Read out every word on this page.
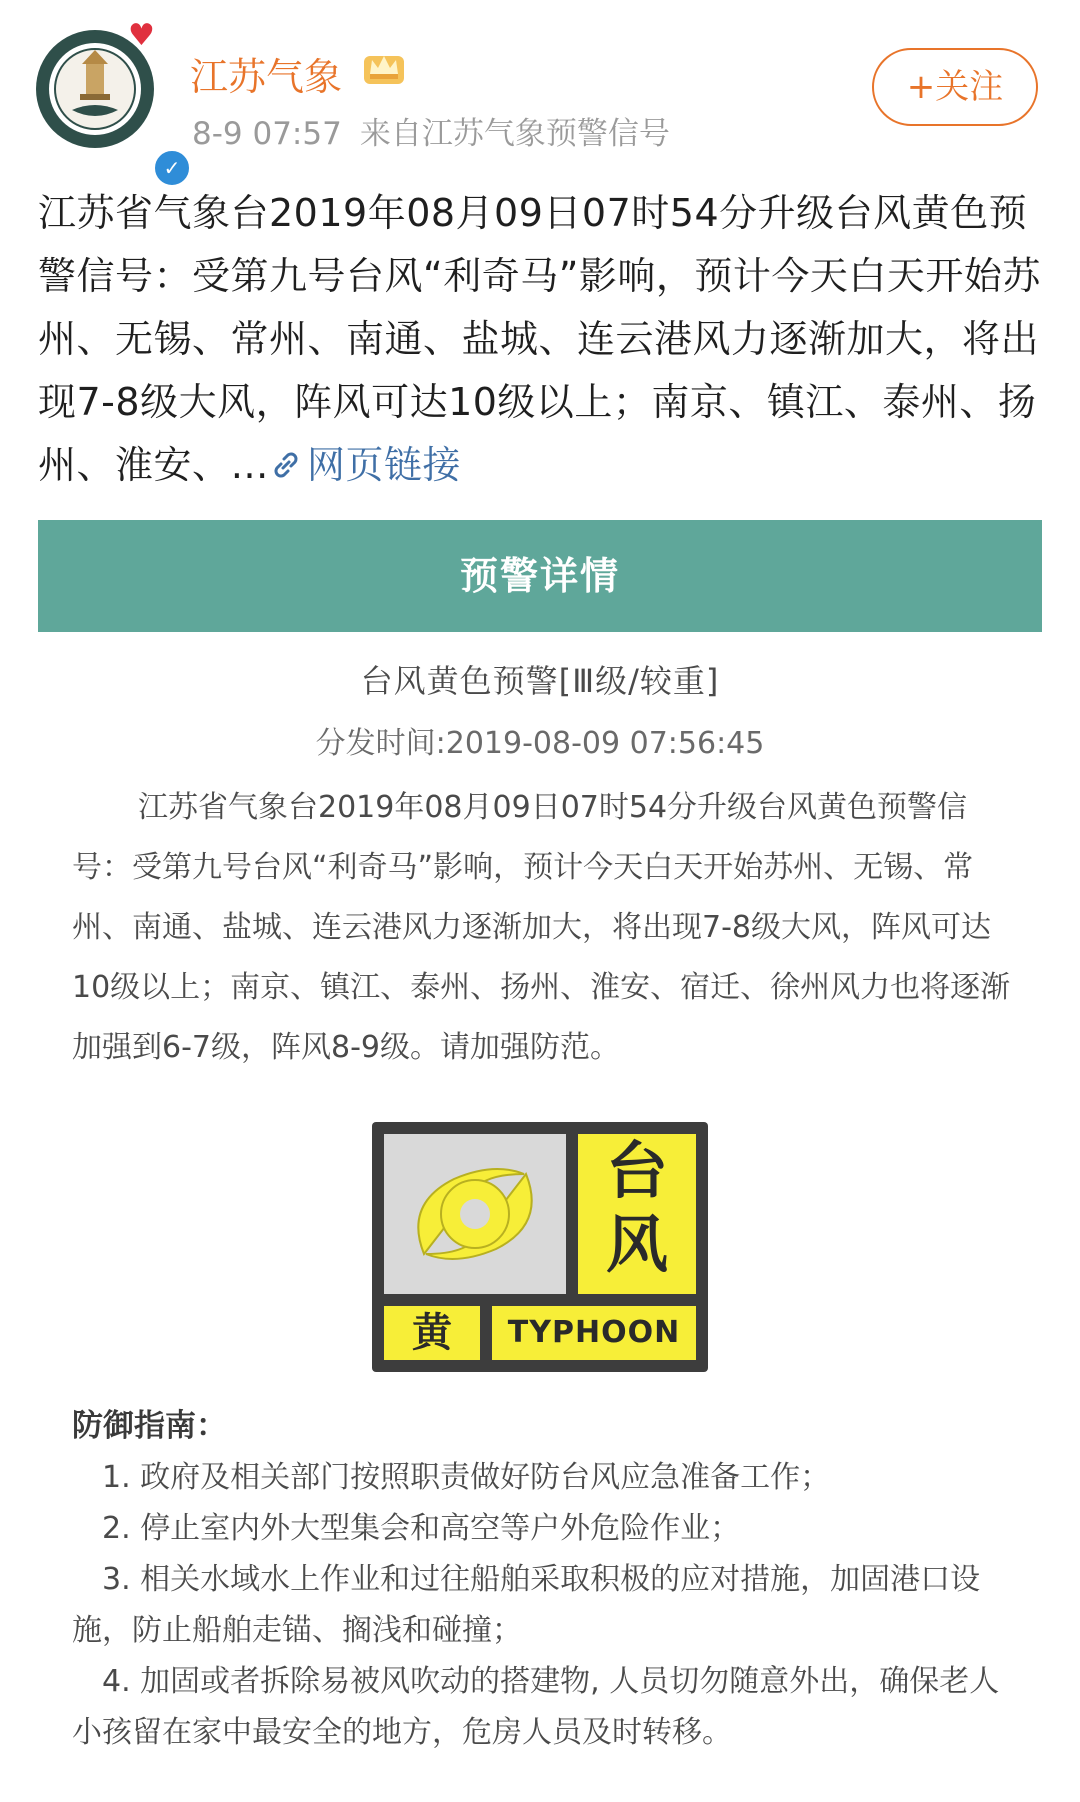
✓
♥
江苏气象
8-9 07:57 来自江苏气象预警信号
+关注
江苏省气象台2019年08月09日07时54分升级台风黄色预警信号：受第九号台风“利奇马”影响，预计今天白天开始苏州、无锡、常州、南通、盐城、连云港风力逐渐加大，将出现7-8级大风，阵风可达10级以上；南京、镇江、泰州、扬州、淮安、… 网页链接
预警详情
台风黄色预警[Ⅲ级/较重]
分发时间:2019-08-09 07:56:45
江苏省气象台2019年08月09日07时54分升级台风黄色预警信号：受第九号台风“利奇马”影响，预计今天白天开始苏州、无锡、常州、南通、盐城、连云港风力逐渐加大，将出现7-8级大风，阵风可达10级以上；南京、镇江、泰州、扬州、淮安、宿迁、徐州风力也将逐渐加强到6-7级，阵风8-9级。请加强防范。
台
风
黄	TYPHOON
防御指南：
1. 政府及相关部门按照职责做好防台风应急准备工作；
2. 停止室内外大型集会和高空等户外危险作业；
3. 相关水域水上作业和过往船舶采取积极的应对措施，加固港口设施，防止船舶走锚、搁浅和碰撞；
4. 加固或者拆除易被风吹动的搭建物, 人员切勿随意外出，确保老人小孩留在家中最安全的地方，危房人员及时转移。
